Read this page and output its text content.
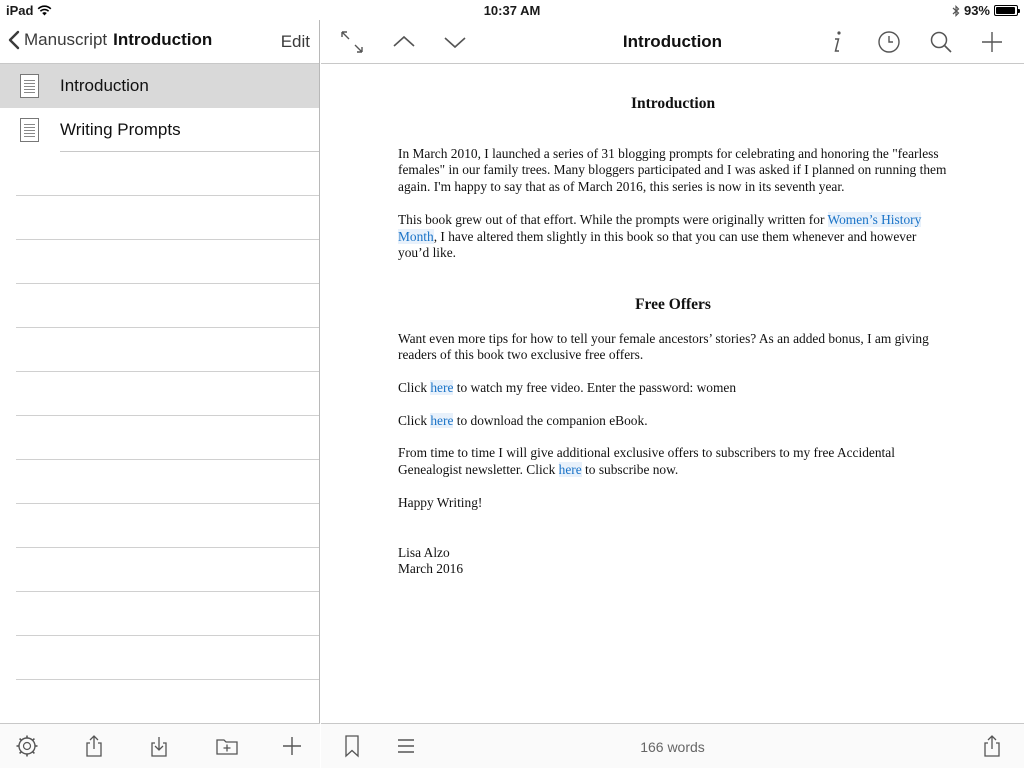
iPad	10:37 AM	93%
Manuscript Introduction	Edit
Introduction
Writing Prompts
Introduction
Introduction

In March 2010, I launched a series of 31 blogging prompts for celebrating and honoring the "fearless females" in our family trees. Many bloggers participated and I was asked if I planned on running them again. I'm happy to say that as of March 2016, this series is now in its seventh year.

This book grew out of that effort. While the prompts were originally written for Women’s History Month, I have altered them slightly in this book so that you can use them whenever and however you’d like.

Free Offers

Want even more tips for how to tell your female ancestors’ stories? As an added bonus, I am giving readers of this book two exclusive free offers.

Click here to watch my free video. Enter the password: women

Click here to download the companion eBook.

From time to time I will give additional exclusive offers to subscribers to my free Accidental Genealogist newsletter. Click here to subscribe now.

Happy Writing!

Lisa Alzo

March 2016

166 words
